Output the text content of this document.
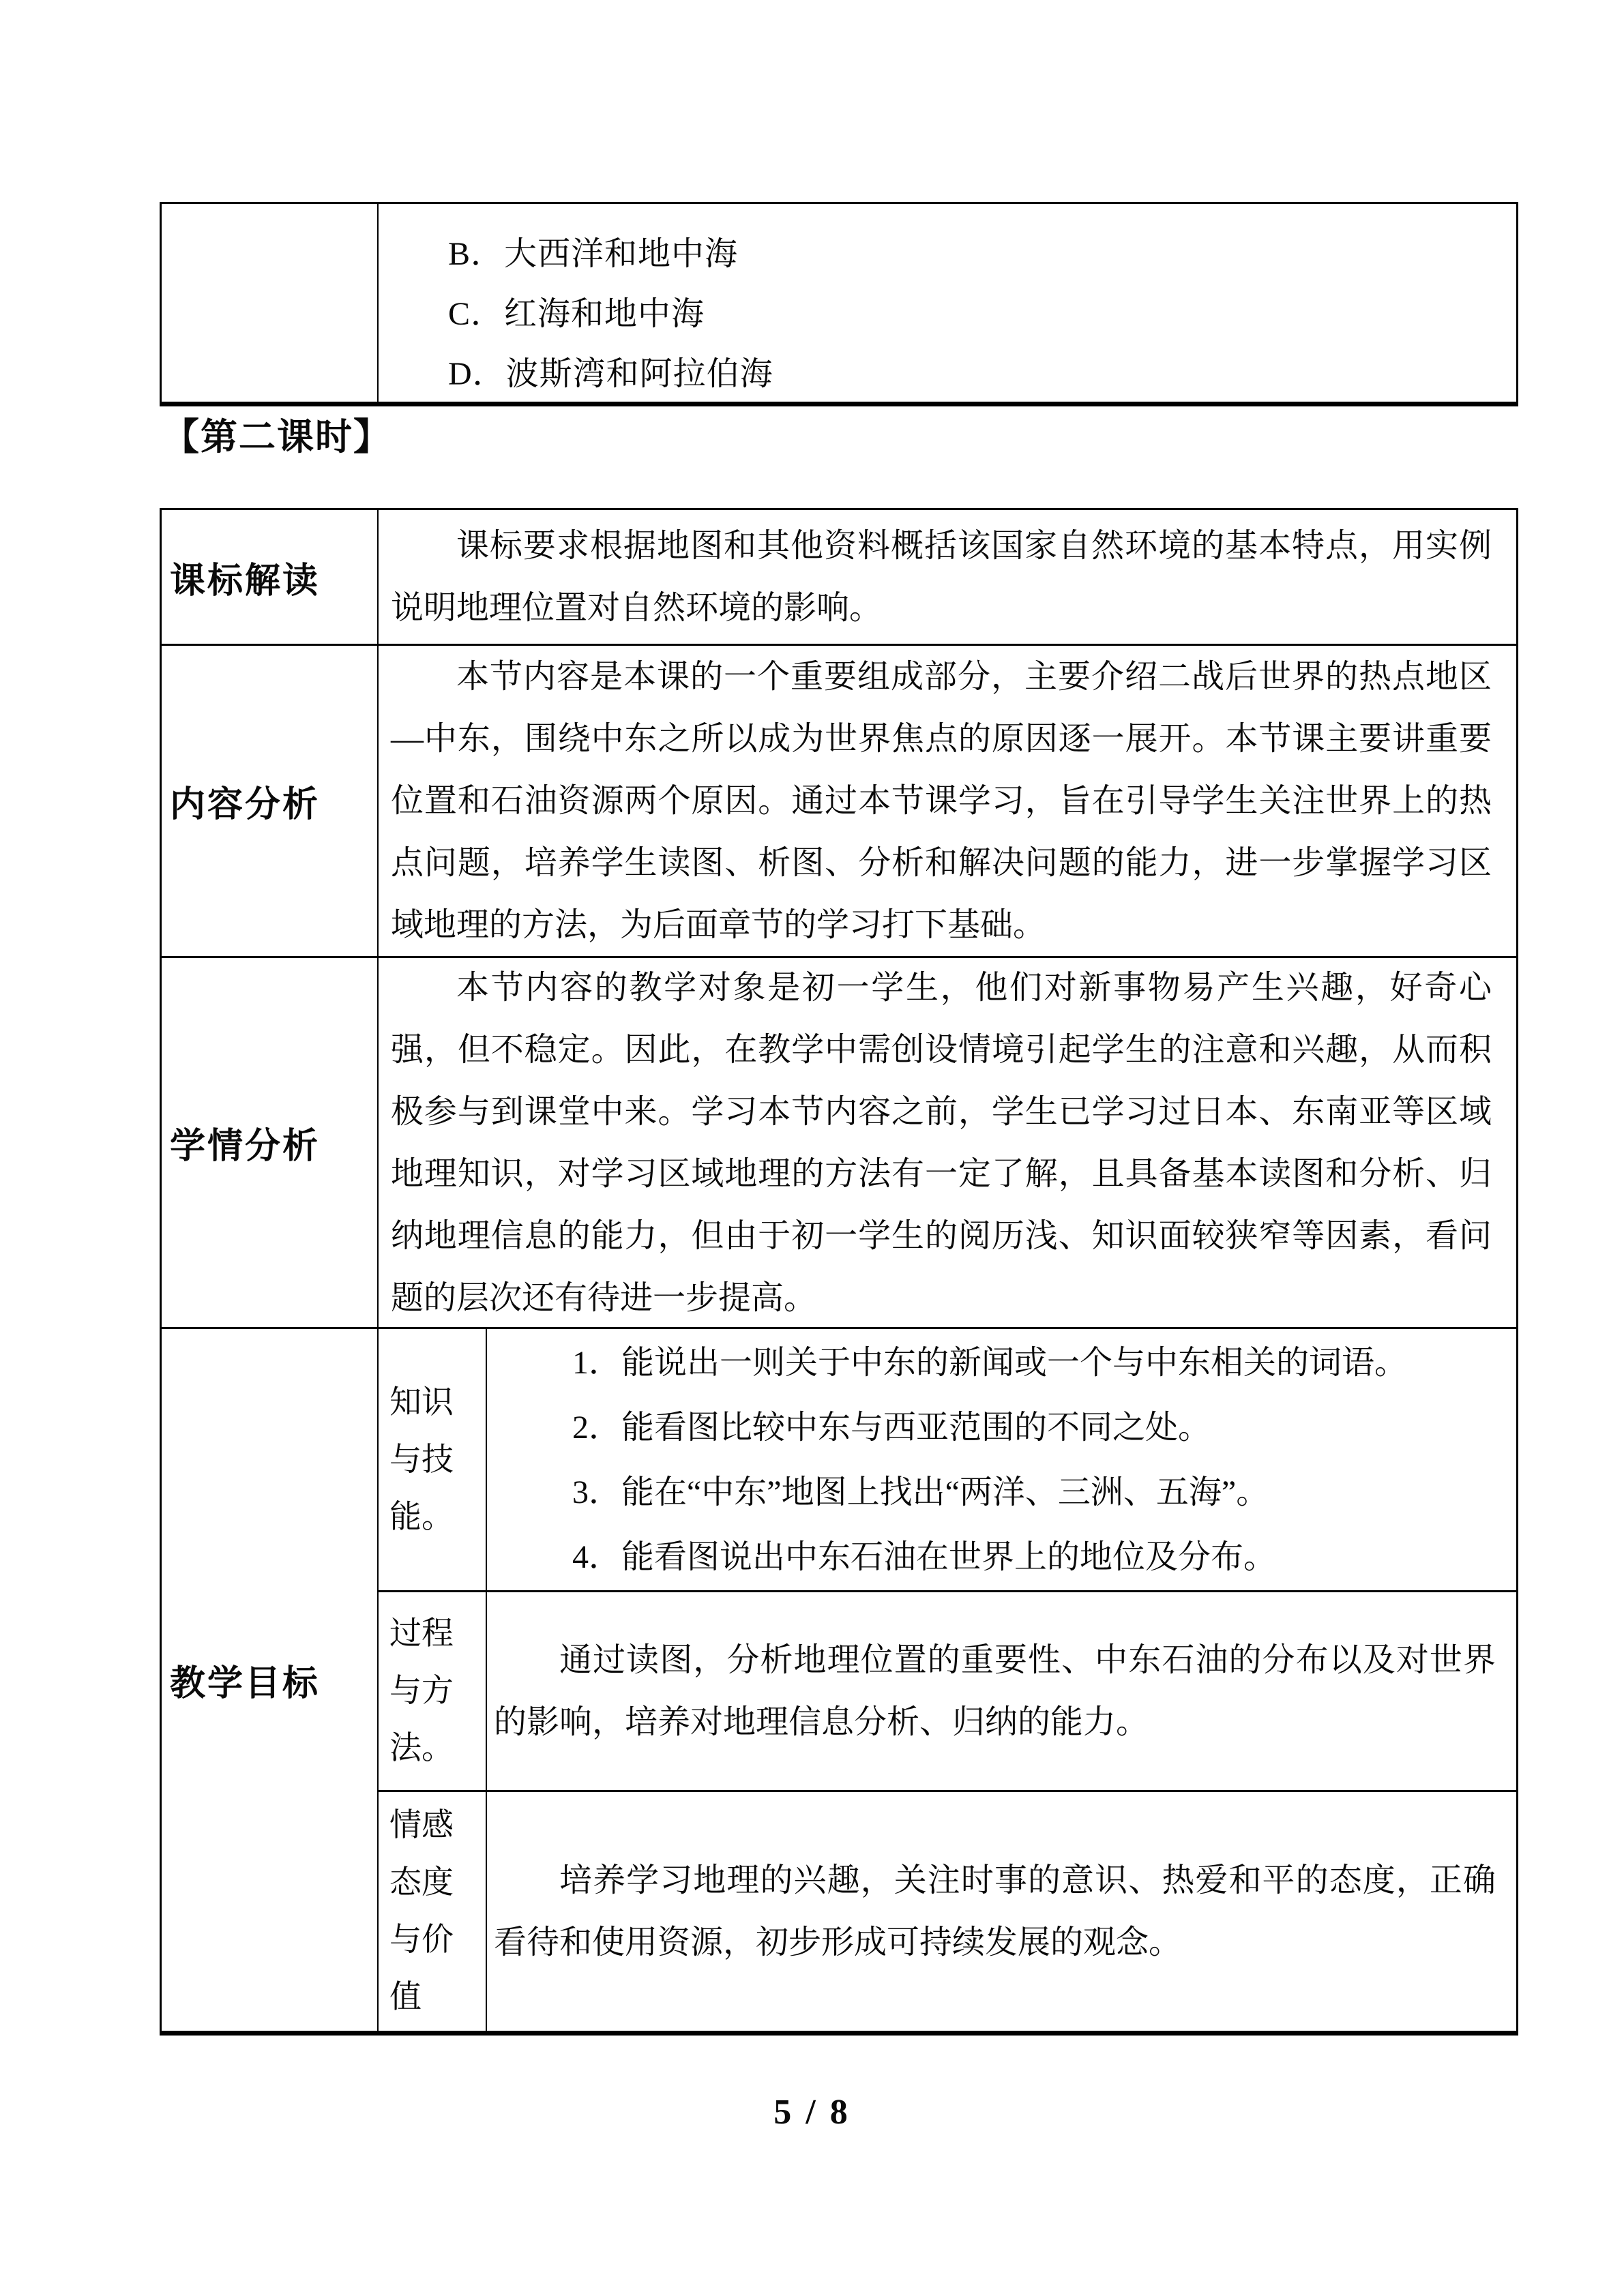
B．大西洋和地中海
C．红海和地中海
D．波斯湾和阿拉伯海
【第二课时】
课标解读
课标要求根据地图和其他资料概括该国家自然环境的基本特点，用实例说明地理位置对自然环境的影响。
内容分析
本节内容是本课的一个重要组成部分，主要介绍二战后世界的热点地区—中东，围绕中东之所以成为世界焦点的原因逐一展开。本节课主要讲重要位置和石油资源两个原因。通过本节课学习，旨在引导学生关注世界上的热点问题，培养学生读图、析图、分析和解决问题的能力，进一步掌握学习区域地理的方法，为后面章节的学习打下基础。
学情分析
本节内容的教学对象是初一学生，他们对新事物易产生兴趣，好奇心强，但不稳定。因此，在教学中需创设情境引起学生的注意和兴趣，从而积极参与到课堂中来。学习本节内容之前，学生已学习过日本、东南亚等区域地理知识，对学习区域地理的方法有一定了解，且具备基本读图和分析、归纳地理信息的能力，但由于初一学生的阅历浅、知识面较狭窄等因素，看问题的层次还有待进一步提高。
教学目标
知识与技能。
1．能说出一则关于中东的新闻或一个与中东相关的词语。
2．能看图比较中东与西亚范围的不同之处。
3．能在“中东”地图上找出“两洋、三洲、五海”。
4．能看图说出中东石油在世界上的地位及分布。
过程与方法。
通过读图，分析地理位置的重要性、中东石油的分布以及对世界的影响，培养对地理信息分析、归纳的能力。
情感态度与价值
培养学习地理的兴趣，关注时事的意识、热爱和平的态度，正确看待和使用资源，初步形成可持续发展的观念。
5 / 8
